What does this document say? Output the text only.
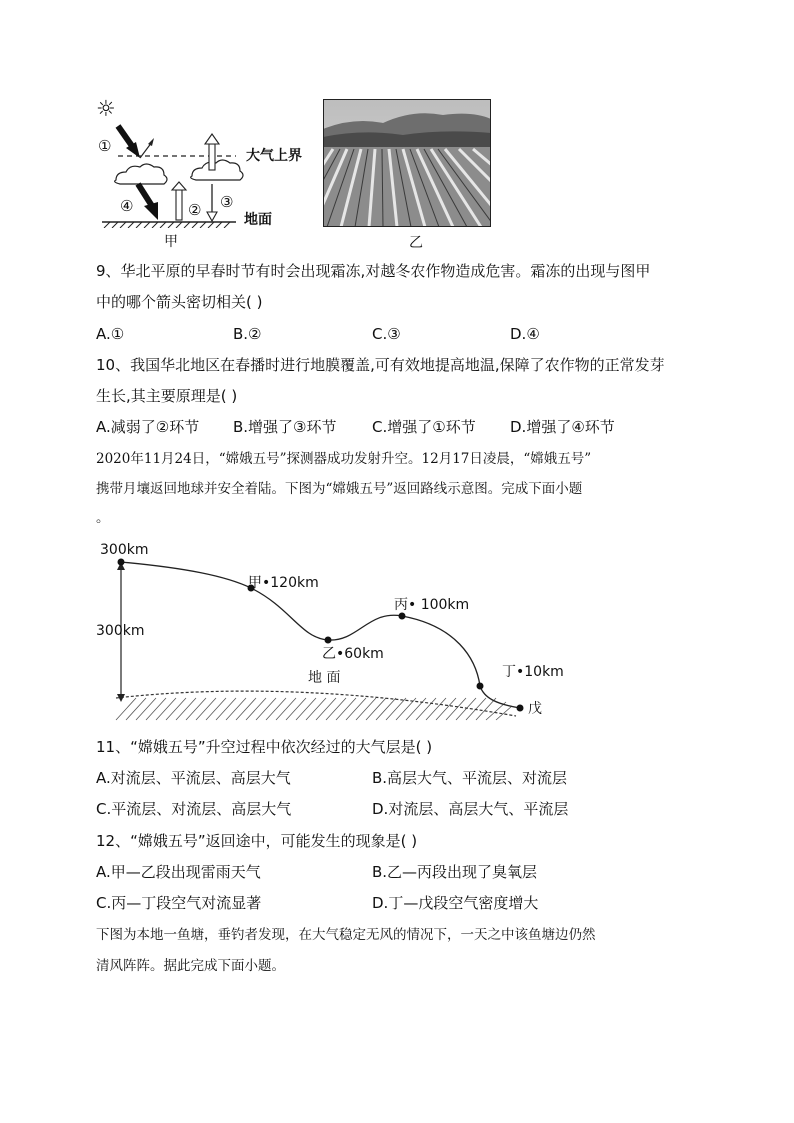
☼
①
④	② ③
大气上界
地面
甲	乙
9、华北平原的早春时节有时会出现霜冻,对越冬农作物造成危害。霜冻的出现与图甲
中的哪个箭头密切相关( )
A.①	B.②	C.③	D.④
10、我国华北地区在春播时进行地膜覆盖,可有效地提高地温,保障了农作物的正常发芽
生长,其主要原理是( )
A.减弱了②环节 B.增强了③环节 C.增强了①环节 D.增强了④环节
2020年11月24日，“嫦娥五号”探测器成功发射升空。12月17日凌晨，“嫦娥五号”
携带月壤返回地球并安全着陆。下图为“嫦娥五号”返回路线示意图。完成下面小题
。
300km
300km
甲•120km
乙•60km
丙• 100km
丁•10km
戊
地 面
11、“嫦娥五号”升空过程中依次经过的大气层是( )
A.对流层、平流层、高层大气	B.高层大气、平流层、对流层
C.平流层、对流层、高层大气	D.对流层、高层大气、平流层
12、“嫦娥五号”返回途中，可能发生的现象是( )
A.甲—乙段出现雷雨天气	B.乙—丙段出现了臭氧层
C.丙—丁段空气对流显著	D.丁—戊段空气密度增大
下图为本地一鱼塘，垂钓者发现，在大气稳定无风的情况下，一天之中该鱼塘边仍然
清风阵阵。据此完成下面小题。
